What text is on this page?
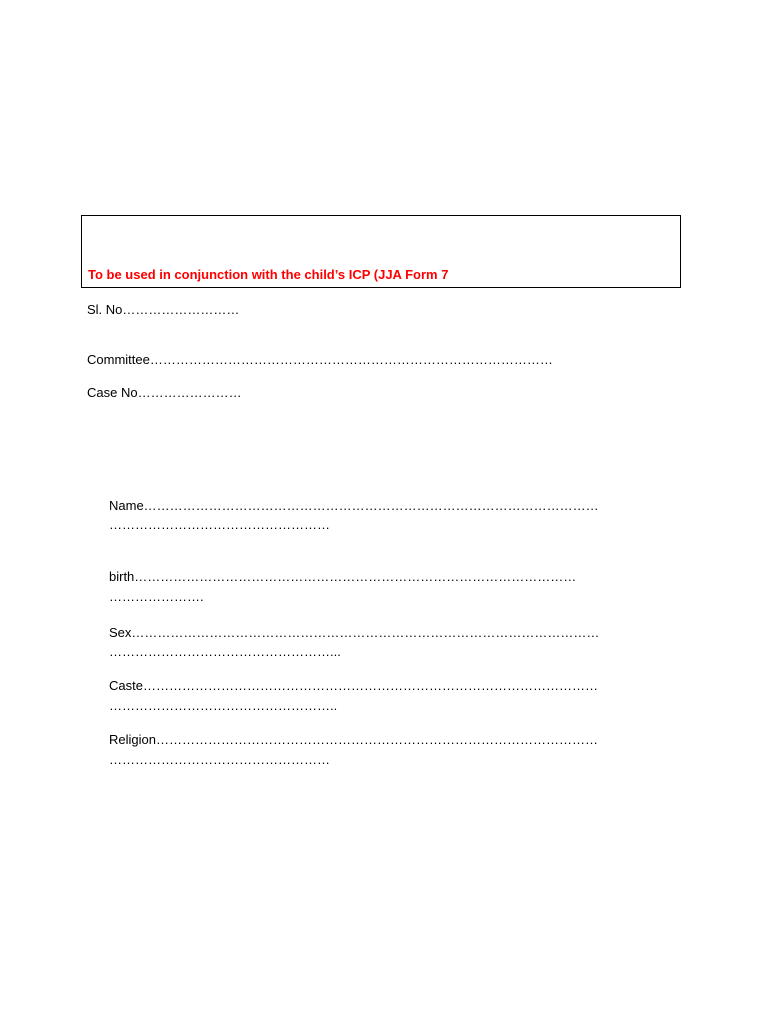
To be used in conjunction with the child’s ICP (JJA Form 7
Sl. No………………………
Committee…………………………………………………………………………………
Case No……………………
Name……………………………………………………………………………………………
……………………………………………
birth…………………………………………………………………………………………
………………….
Sex………………………………………………………………………………………………
……………………………………………...
Caste……………………………………………………………………………………………
……………………………………………..
Religion…………………………………………………………………………………………
……………………………………………
